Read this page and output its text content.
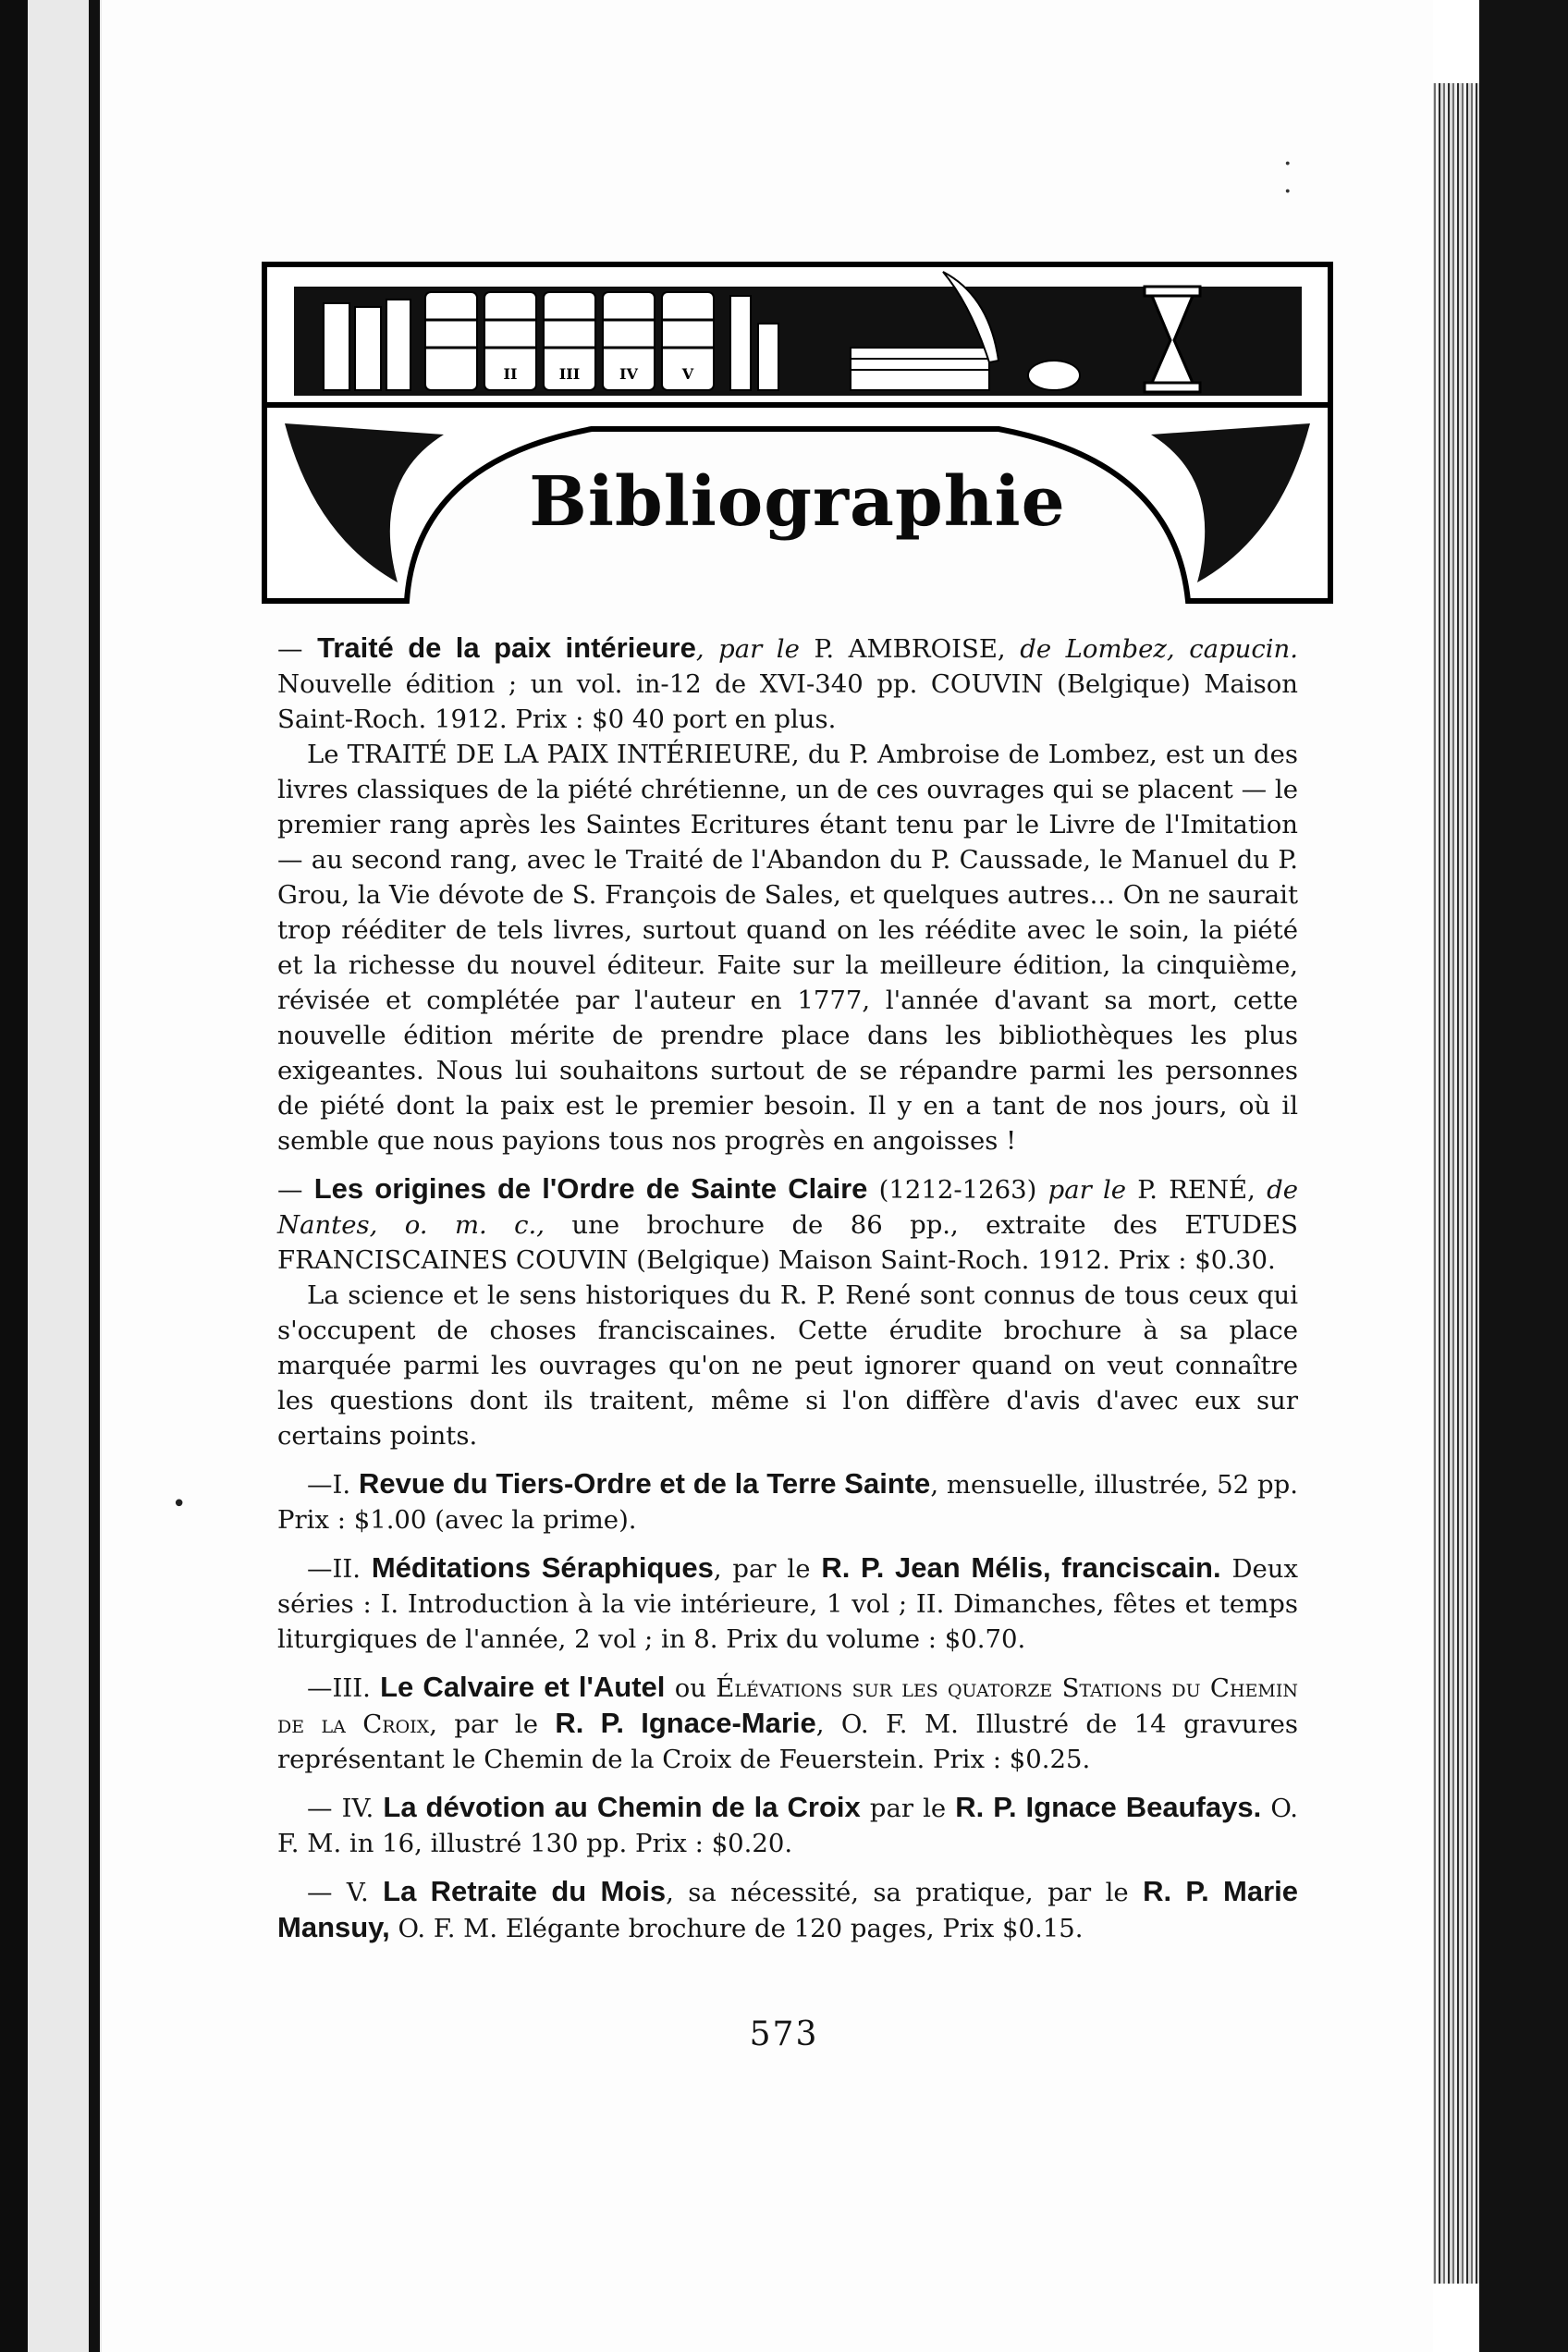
·
·
II	III	IV	V
Bibliographie

— Traité de la paix intérieure, par le P. AMBROISE, de Lombez, capucin. Nouvelle édition ; un vol. in-12 de XVI-340 pp. COUVIN (Belgique) Maison Saint-Roch. 1912. Prix : $0 40 port en plus.

Le TRAITÉ DE LA PAIX INTÉRIEURE, du P. Ambroise de Lombez, est un des livres classiques de la piété chrétienne, un de ces ouvrages qui se placent — le premier rang après les Saintes Ecritures étant tenu par le Livre de l'Imitation — au second rang, avec le Traité de l'Abandon du P. Caussade, le Manuel du P. Grou, la Vie dévote de S. François de Sales, et quelques autres… On ne saurait trop rééditer de tels livres, surtout quand on les réédite avec le soin, la piété et la richesse du nouvel éditeur. Faite sur la meilleure édition, la cinquième, révisée et complétée par l'auteur en 1777, l'année d'avant sa mort, cette nouvelle édition mérite de prendre place dans les bibliothèques les plus exigeantes. Nous lui souhaitons surtout de se répandre parmi les personnes de piété dont la paix est le premier besoin. Il y en a tant de nos jours, où il semble que nous payions tous nos progrès en angoisses !

— Les origines de l'Ordre de Sainte Claire (1212-1263) par le P. RENÉ, de Nantes, o. m. c., une brochure de 86 pp., extraite des ETUDES FRANCISCAINES COUVIN (Belgique) Maison Saint-Roch. 1912. Prix : $0.30.

La science et le sens historiques du R. P. René sont connus de tous ceux qui s'occupent de choses franciscaines. Cette érudite brochure à sa place marquée parmi les ouvrages qu'on ne peut ignorer quand on veut connaître les questions dont ils traitent, même si l'on diffère d'avis d'avec eux sur certains points.

—I. Revue du Tiers-Ordre et de la Terre Sainte, mensuelle, illustrée, 52 pp. Prix : $1.00 (avec la prime).

—II. Méditations Séraphiques, par le R. P. Jean Mélis, franciscain. Deux séries : I. Introduction à la vie intérieure, 1 vol ; II. Dimanches, fêtes et temps liturgiques de l'année, 2 vol ; in 8. Prix du volume : $0.70.

—III. Le Calvaire et l'Autel ou Élévations sur les quatorze Stations du Chemin de la Croix, par le R. P. Ignace-Marie, O. F. M. Illustré de 14 gravures représentant le Chemin de la Croix de Feuerstein. Prix : $0.25.

— IV. La dévotion au Chemin de la Croix par le R. P. Ignace Beaufays. O. F. M. in 16, illustré 130 pp. Prix : $0.20.

— V. La Retraite du Mois, sa nécessité, sa pratique, par le R. P. Marie Mansuy, O. F. M. Elégante brochure de 120 pages, Prix $0.15.

•
573
